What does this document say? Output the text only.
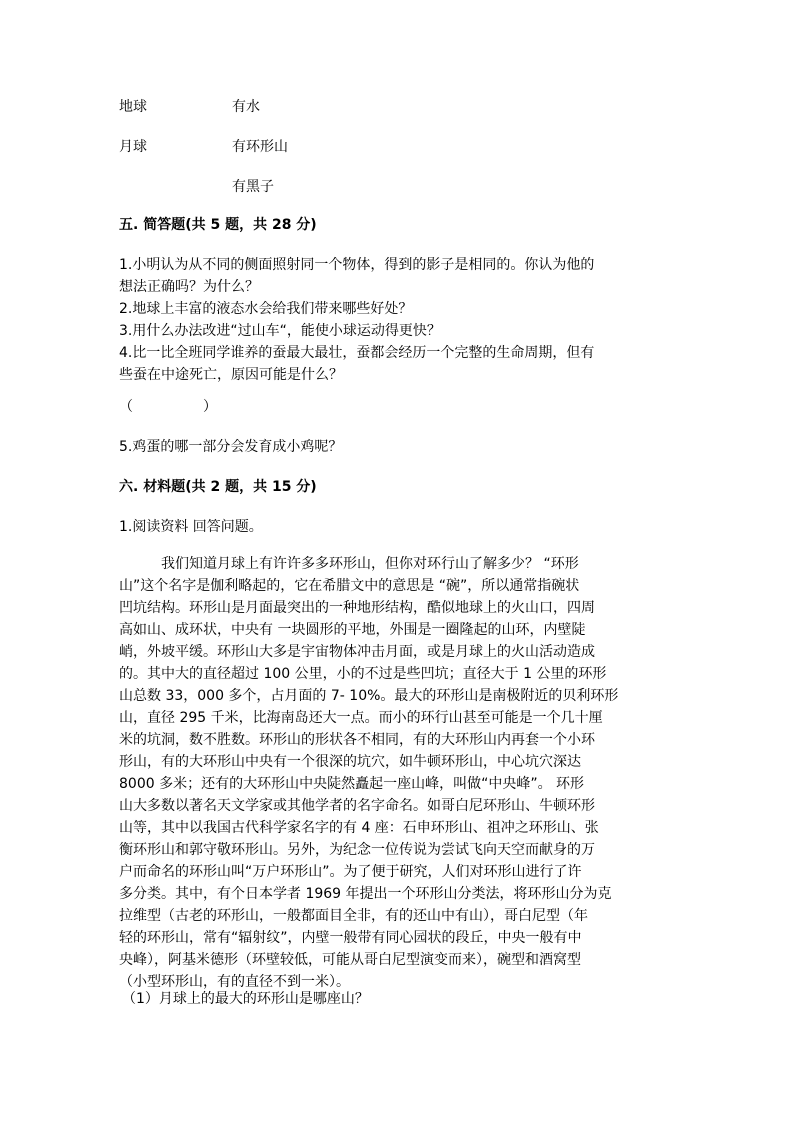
地球	有水
月球	有环形山
有黑子
五. 简答题(共 5 题，共 28 分)
1.小明认为从不同的侧面照射同一个物体，得到的影子是相同的。你认为他的
想法正确吗？为什么？
2.地球上丰富的液态水会给我们带来哪些好处？
3.用什么办法改进“过山车“，能使小球运动得更快？
4.比一比全班同学谁养的蚕最大最壮，蚕都会经历一个完整的生命周期，但有
些蚕在中途死亡，原因可能是什么？
（　　　　　）
5.鸡蛋的哪一部分会发育成小鸡呢？
六. 材料题(共 2 题，共 15 分)
1.阅读资料 回答问题。
我们知道月球上有许许多多环形山，但你对环行山了解多少？ “环形
山”这个名字是伽利略起的，它在希腊文中的意思是 “碗”，所以通常指碗状
凹坑结构。环形山是月面最突出的一种地形结构，酷似地球上的火山口，四周
高如山、成环状，中央有 一块圆形的平地，外围是一圈隆起的山环，内壁陡
峭，外坡平缓。环形山大多是宇宙物体冲击月面，或是月球上的火山活动造成
的。其中大的直径超过 100 公里，小的不过是些凹坑；直径大于 1 公里的环形
山总数 33，000 多个，占月面的 7- 10%。最大的环形山是南极附近的贝利环形
山，直径 295 千米，比海南岛还大一点。而小的环行山甚至可能是一个几十厘
米的坑洞，数不胜数。环形山的形状各不相同，有的大环形山内再套一个小环
形山，有的大环形山中央有一个很深的坑穴，如牛顿环形山，中心坑穴深达
8000 多米；还有的大环形山中央陡然矗起一座山峰，叫做“中央峰”。 环形
山大多数以著名天文学家或其他学者的名字命名。如哥白尼环形山、牛顿环形
山等，其中以我国古代科学家名字的有 4 座：石申环形山、祖冲之环形山、张
衡环形山和郭守敬环形山。另外，为纪念一位传说为尝试飞向天空而献身的万
户而命名的环形山叫“万户环形山”。为了便于研究，人们对环形山进行了许
多分类。其中，有个日本学者 1969 年提出一个环形山分类法，将环形山分为克
拉维型（古老的环形山，一般都面目全非，有的还山中有山），哥白尼型（年
轻的环形山，常有“辐射纹”，内壁一般带有同心园状的段丘，中央一般有中
央峰），阿基米德形（环壁较低，可能从哥白尼型演变而来），碗型和酒窝型
（小型环形山，有的直径不到一米）。
（1）月球上的最大的环形山是哪座山？
